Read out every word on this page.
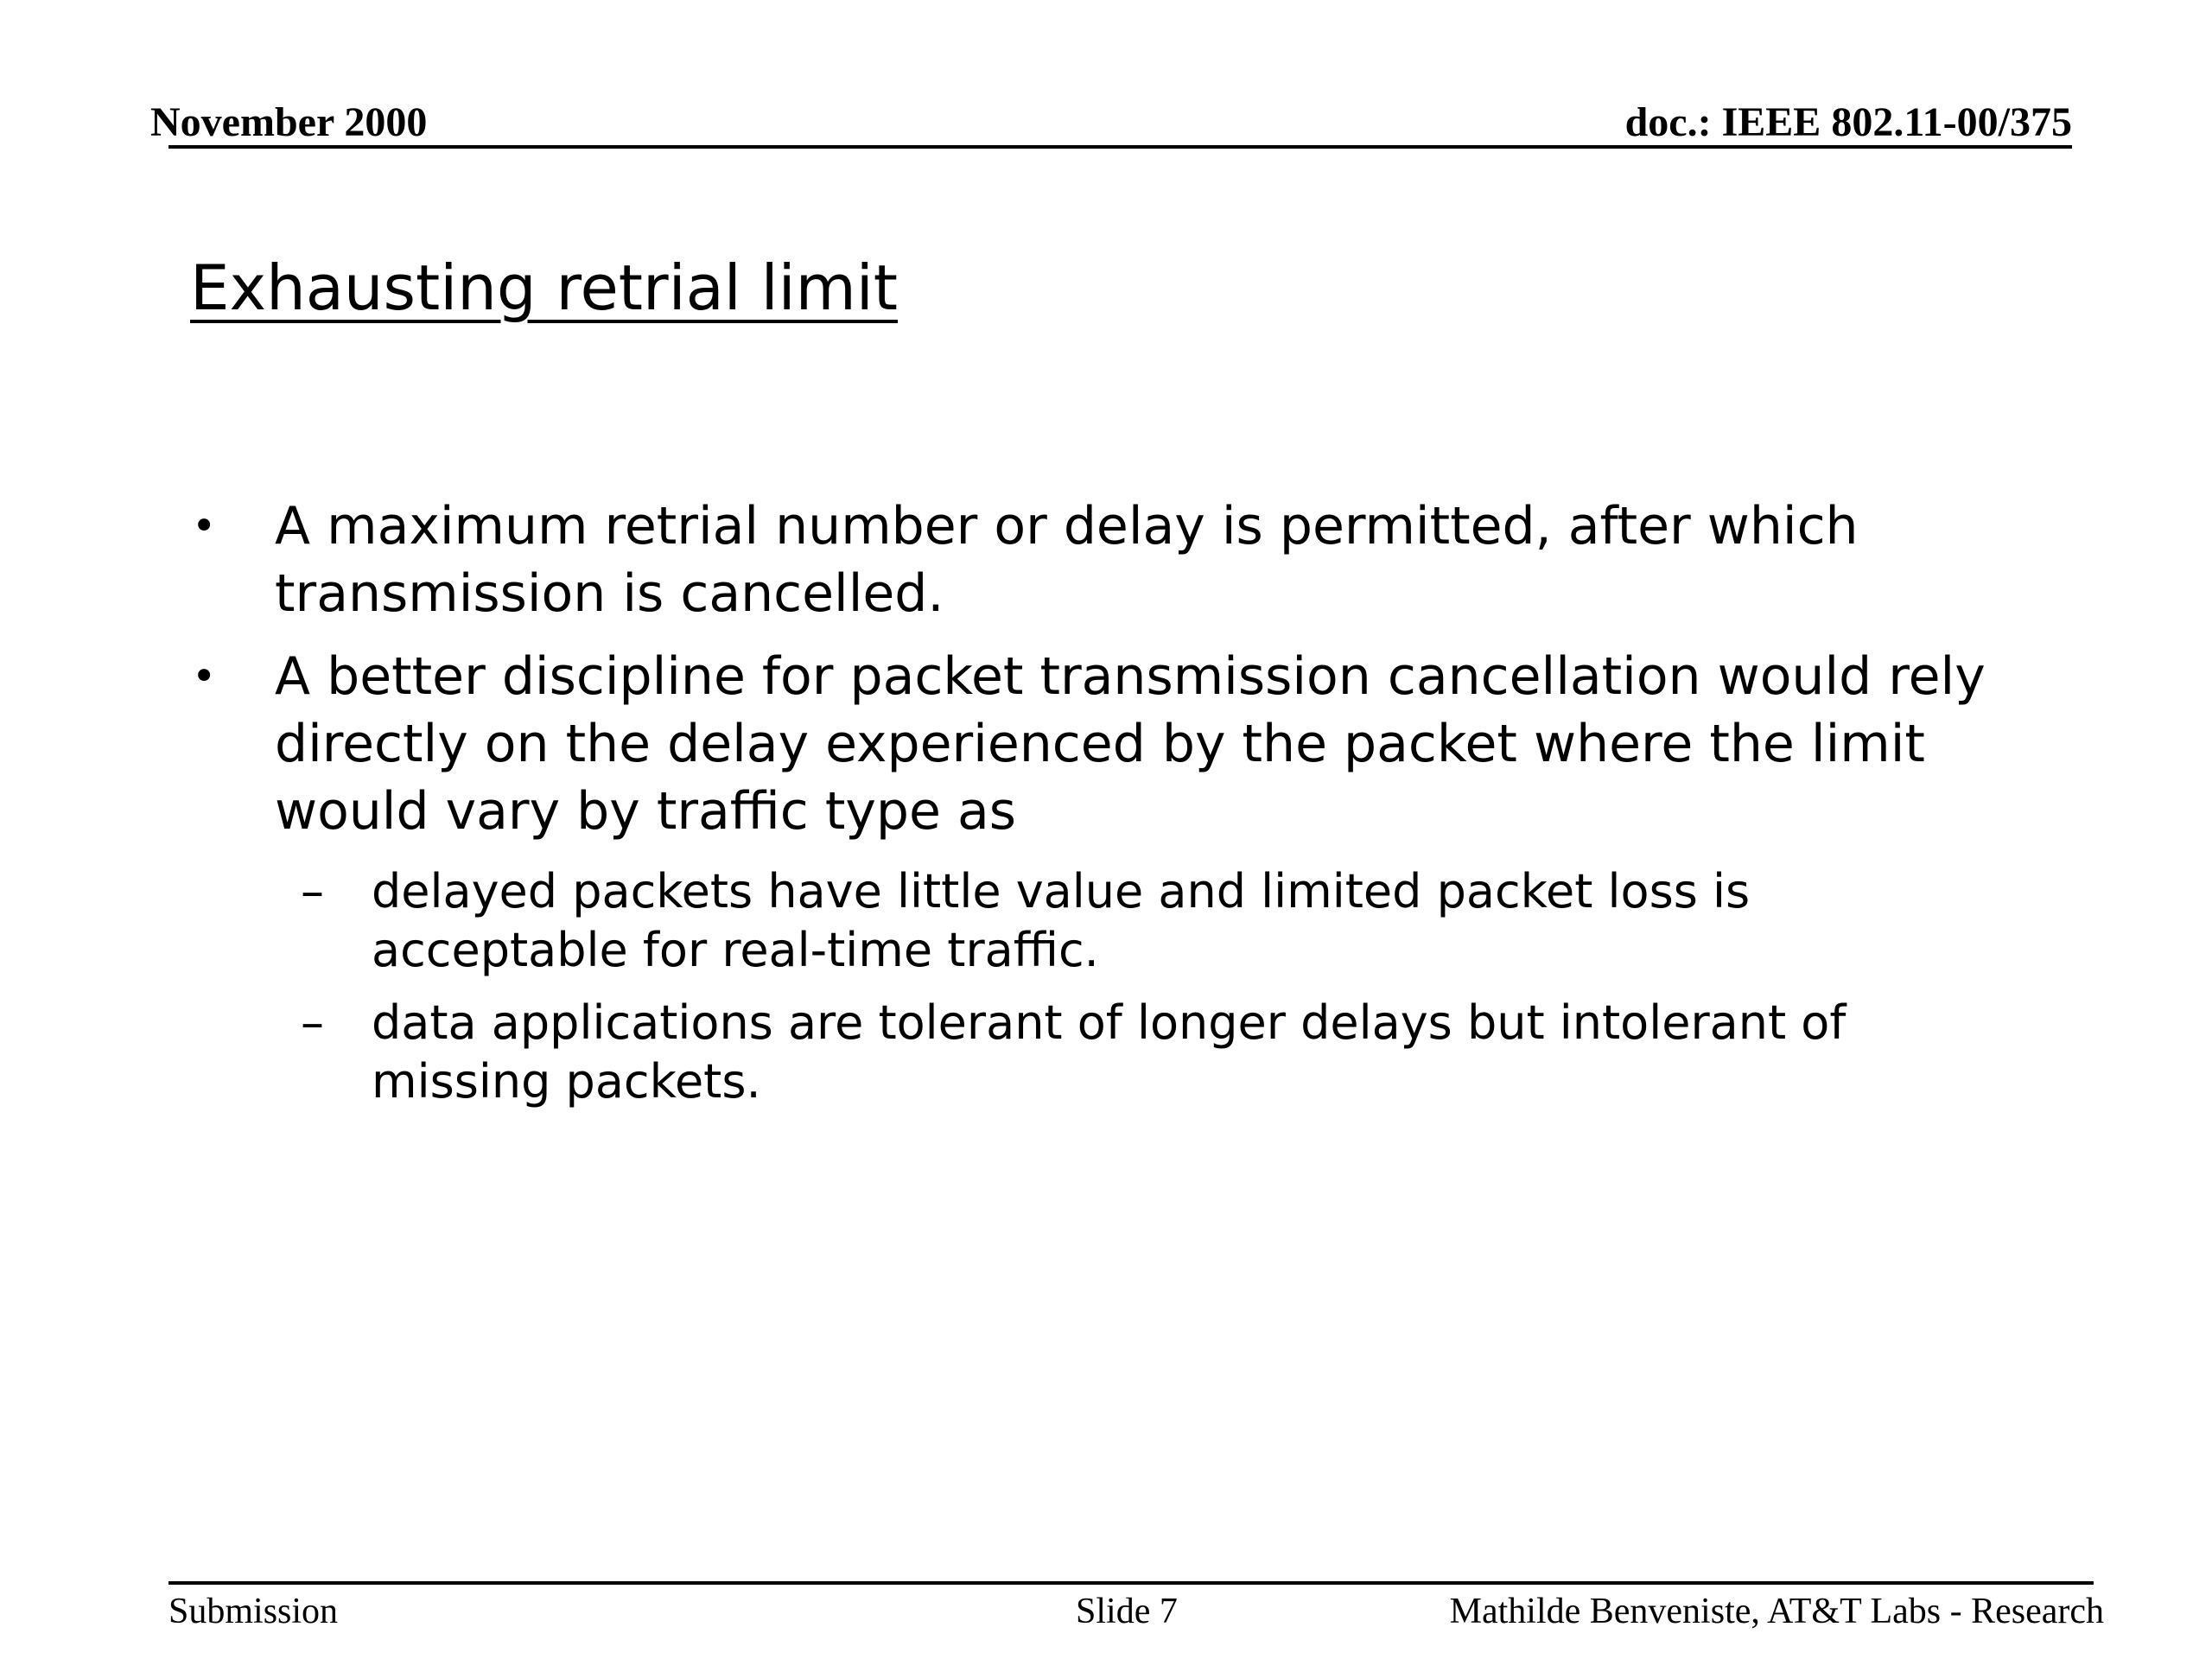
November 2000	doc.: IEEE 802.11-00/375
Exhausting retrial limit
• A maximum retrial number or delay is permitted, after which transmission is cancelled.
• A better discipline for packet transmission cancellation would rely directly on the delay experienced by the packet where the limit would vary by traffic type as
– delayed packets have little value and limited packet loss is acceptable for real-time traffic.
– data applications are tolerant of longer delays but intolerant of missing packets.
Submission	Slide 7	Mathilde Benveniste, AT&T Labs - Research
